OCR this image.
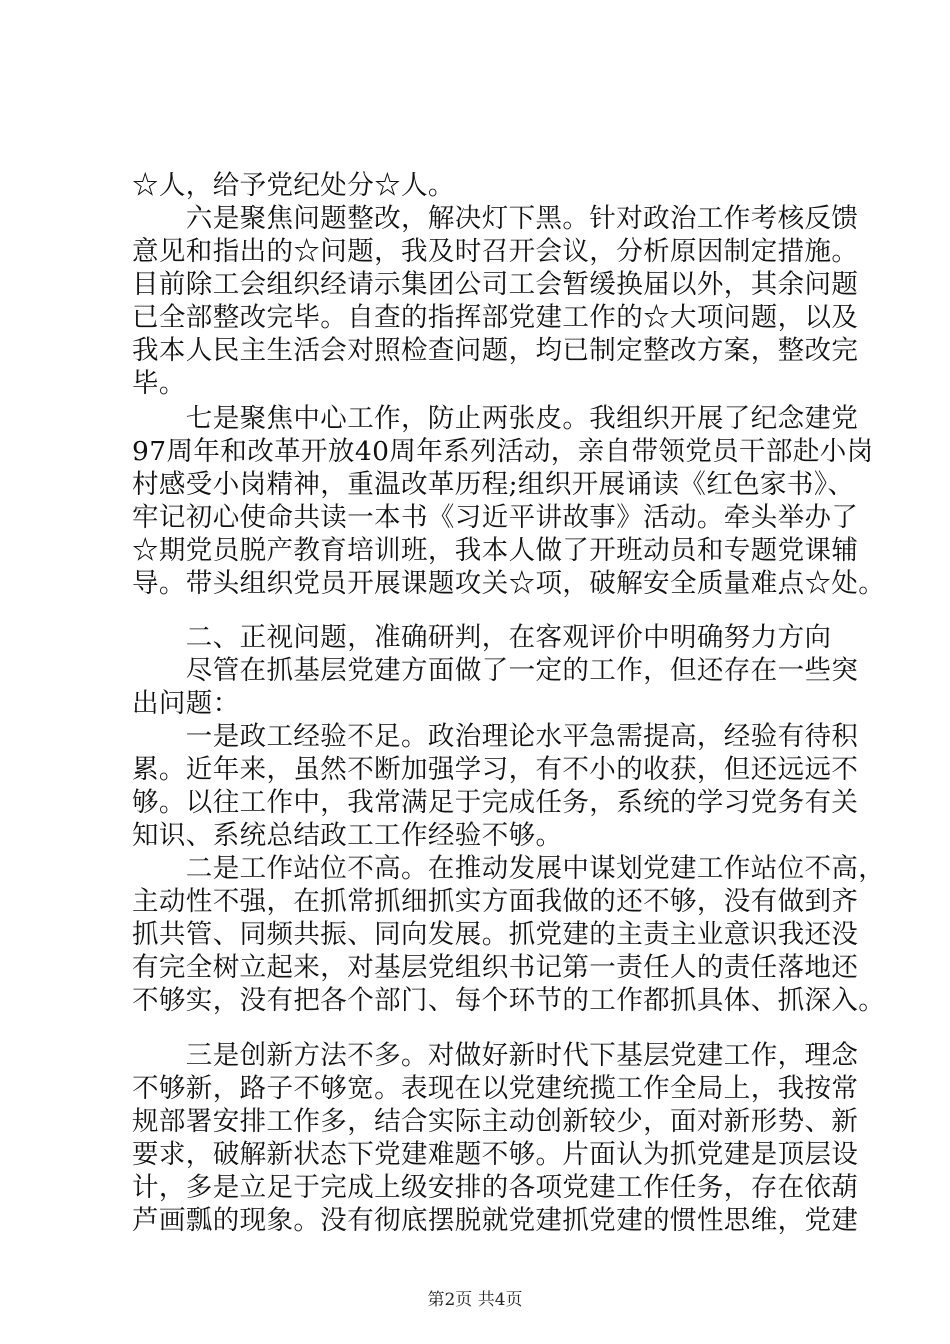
☆人，给予党纪处分☆人。
　　六是聚焦问题整改，解决灯下黑。针对政治工作考核反馈
意见和指出的☆问题，我及时召开会议，分析原因制定措施。
目前除工会组织经请示集团公司工会暂缓换届以外，其余问题
已全部整改完毕。自查的指挥部党建工作的☆大项问题，以及
我本人民主生活会对照检查问题，均已制定整改方案，整改完
毕。
　　七是聚焦中心工作，防止两张皮。我组织开展了纪念建党
97周年和改革开放40周年系列活动，亲自带领党员干部赴小岗
村感受小岗精神，重温改革历程;组织开展诵读《红色家书》、
牢记初心使命共读一本书《习近平讲故事》活动。牵头举办了
☆期党员脱产教育培训班，我本人做了开班动员和专题党课辅
导。带头组织党员开展课题攻关☆项，破解安全质量难点☆处。
　　二、正视问题，准确研判，在客观评价中明确努力方向
　　尽管在抓基层党建方面做了一定的工作，但还存在一些突
出问题：
　　一是政工经验不足。政治理论水平急需提高，经验有待积
累。近年来，虽然不断加强学习，有不小的收获，但还远远不
够。以往工作中，我常满足于完成任务，系统的学习党务有关
知识、系统总结政工工作经验不够。
　　二是工作站位不高。在推动发展中谋划党建工作站位不高，
主动性不强，在抓常抓细抓实方面我做的还不够，没有做到齐
抓共管、同频共振、同向发展。抓党建的主责主业意识我还没
有完全树立起来，对基层党组织书记第一责任人的责任落地还
不够实，没有把各个部门、每个环节的工作都抓具体、抓深入。
　　三是创新方法不多。对做好新时代下基层党建工作，理念
不够新，路子不够宽。表现在以党建统揽工作全局上，我按常
规部署安排工作多，结合实际主动创新较少，面对新形势、新
要求，破解新状态下党建难题不够。片面认为抓党建是顶层设
计，多是立足于完成上级安排的各项党建工作任务，存在依葫
芦画瓢的现象。没有彻底摆脱就党建抓党建的惯性思维，党建
第2页 共4页
